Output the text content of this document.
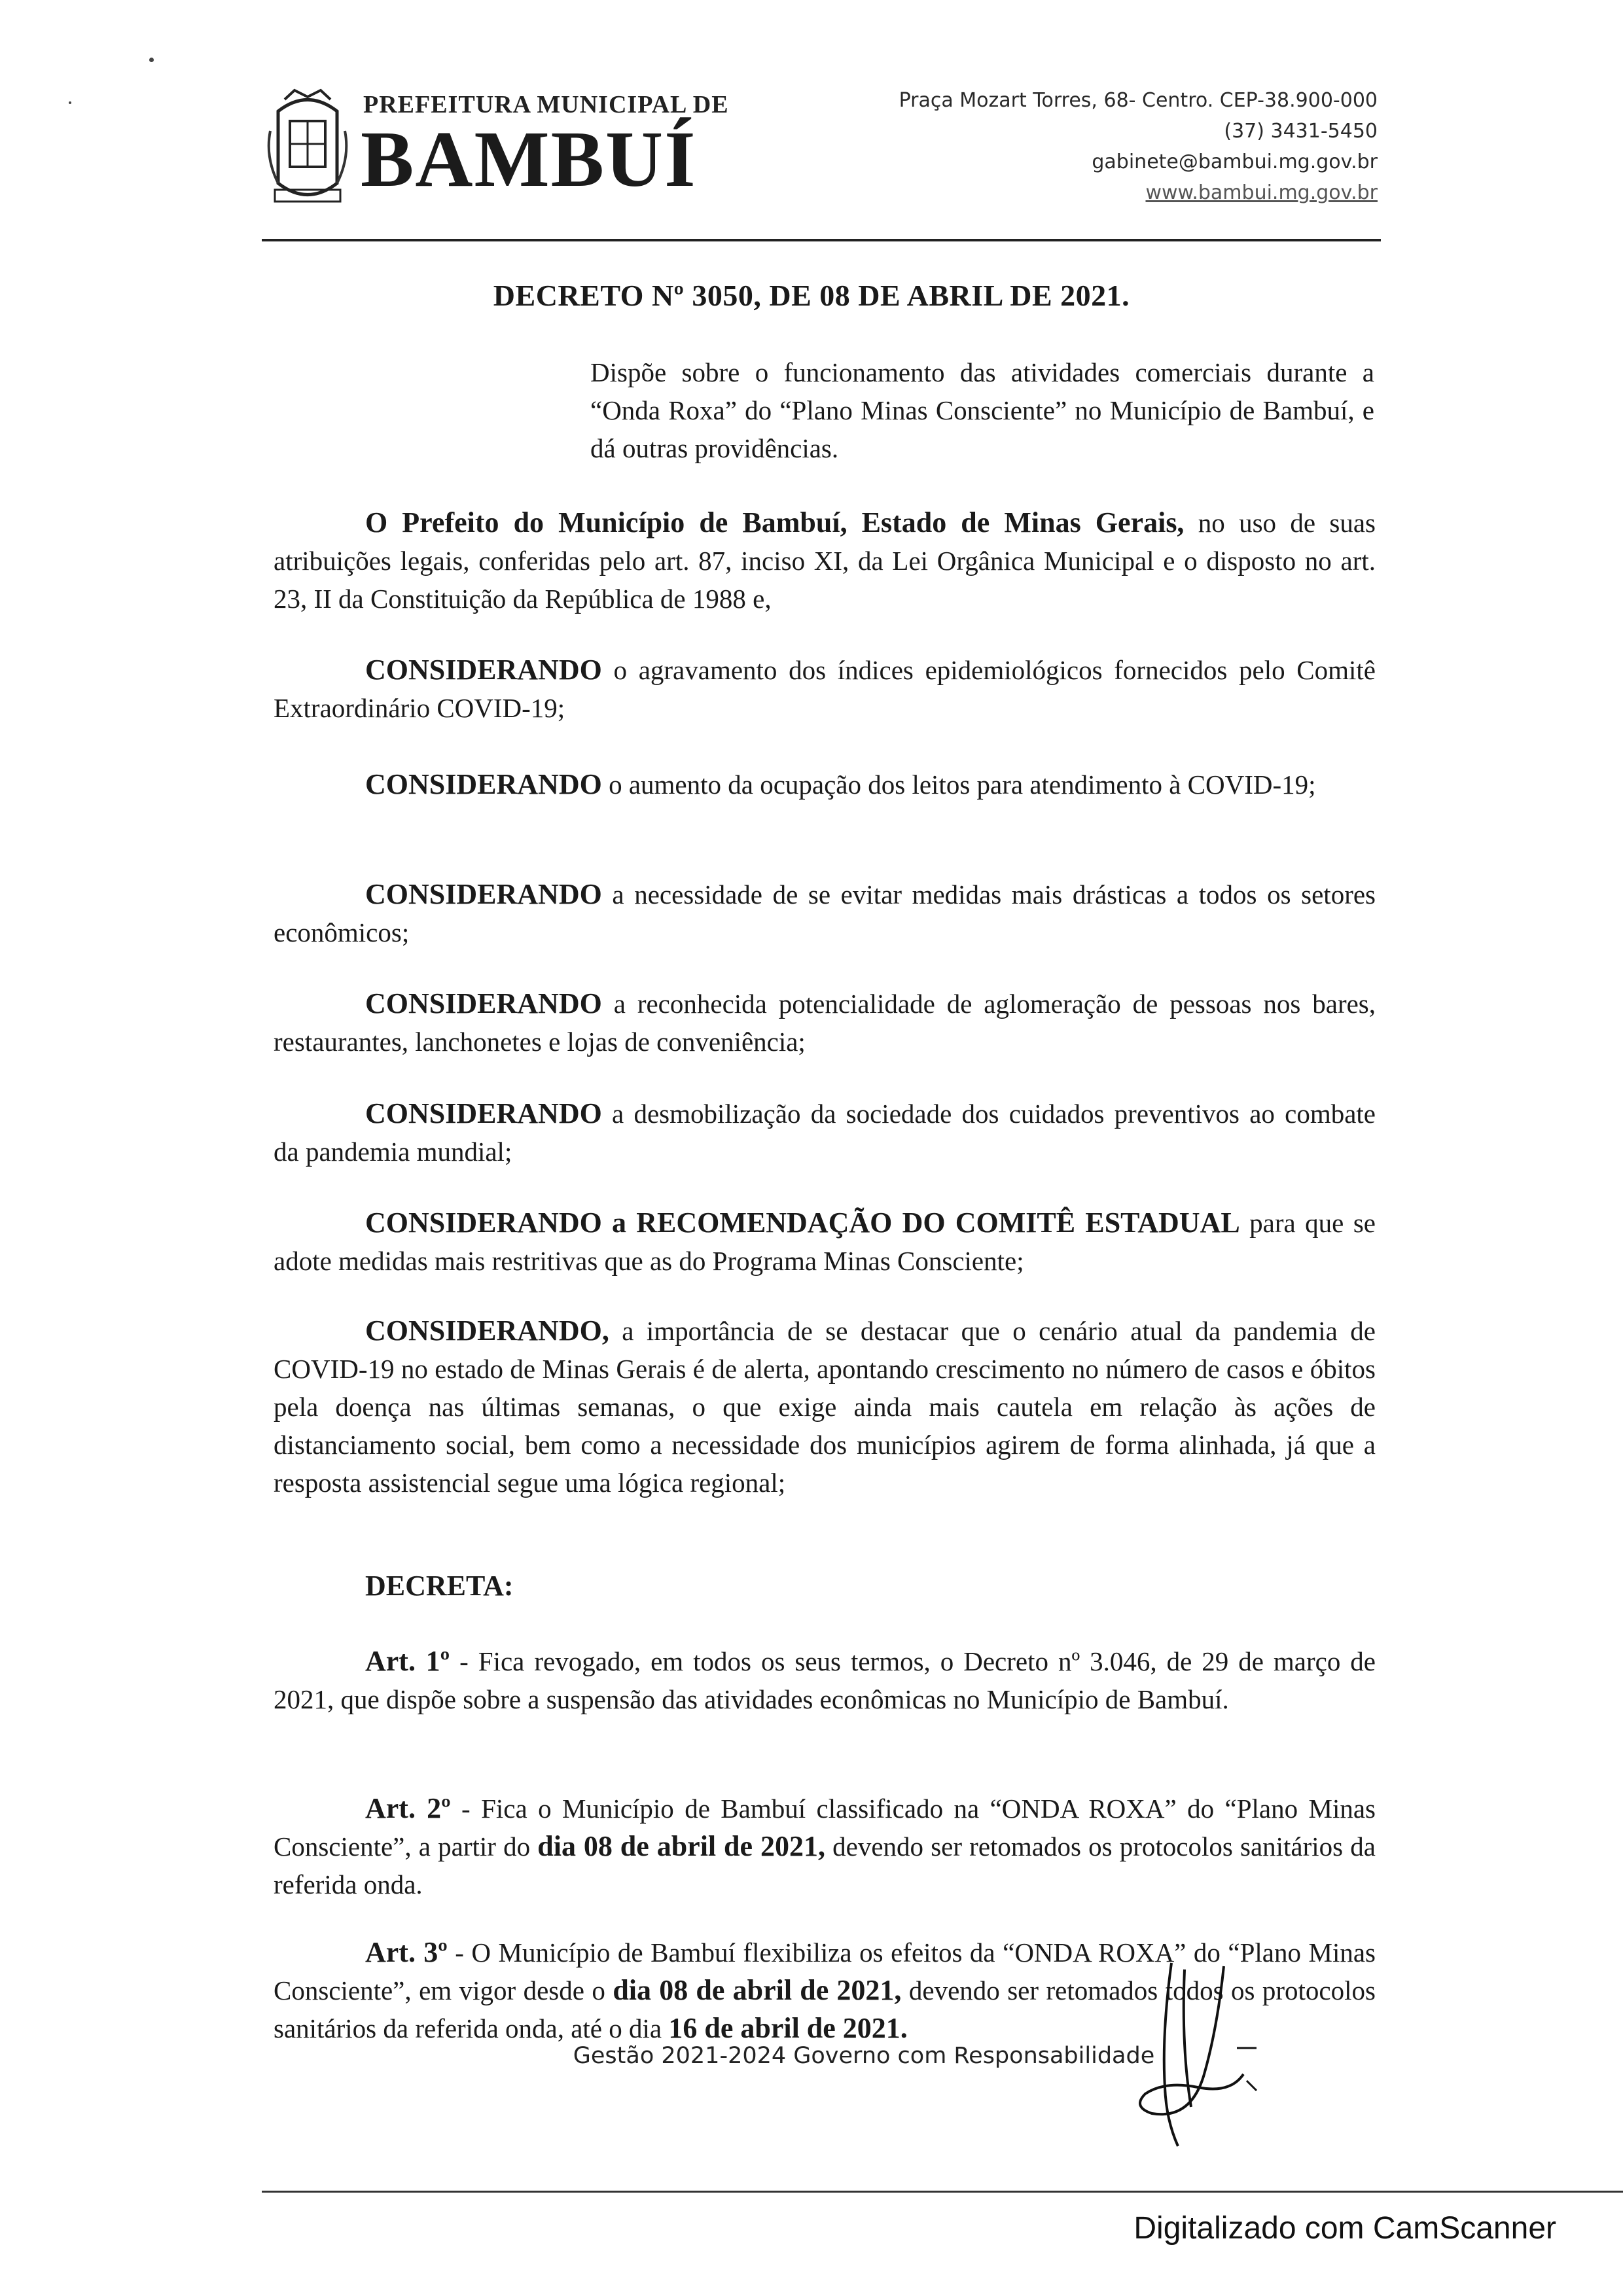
PREFEITURA MUNICIPAL DE
BAMBUÍ
Praça Mozart Torres, 68- Centro. CEP-38.900-000
(37) 3431-5450
gabinete@bambui.mg.gov.br
www.bambui.mg.gov.br
DECRETO Nº 3050, DE 08 DE ABRIL DE 2021.
Dispõe sobre o funcionamento das atividades comerciais durante a “Onda Roxa” do “Plano Minas Consciente” no Município de Bambuí, e dá outras providências.

O Prefeito do Município de Bambuí, Estado de Minas Gerais, no uso de suas atribuições legais, conferidas pelo art. 87, inciso XI, da Lei Orgânica Municipal e o disposto no art. 23, II da Constituição da República de 1988 e,

CONSIDERANDO o agravamento dos índices epidemiológicos fornecidos pelo Comitê Extraordinário COVID-19;

CONSIDERANDO o aumento da ocupação dos leitos para atendimento à COVID-19;

CONSIDERANDO a necessidade de se evitar medidas mais drásticas a todos os setores econômicos;

CONSIDERANDO a reconhecida potencialidade de aglomeração de pessoas nos bares, restaurantes, lanchonetes e lojas de conveniência;

CONSIDERANDO a desmobilização da sociedade dos cuidados preventivos ao combate da pandemia mundial;

CONSIDERANDO a RECOMENDAÇÃO DO COMITÊ ESTADUAL para que se adote medidas mais restritivas que as do Programa Minas Consciente;

CONSIDERANDO, a importância de se destacar que o cenário atual da pandemia de COVID-19 no estado de Minas Gerais é de alerta, apontando crescimento no número de casos e óbitos pela doença nas últimas semanas, o que exige ainda mais cautela em relação às ações de distanciamento social, bem como a necessidade dos municípios agirem de forma alinhada, já que a resposta assistencial segue uma lógica regional;

DECRETA:

Art. 1º - Fica revogado, em todos os seus termos, o Decreto nº 3.046, de 29 de março de 2021, que dispõe sobre a suspensão das atividades econômicas no Município de Bambuí.

Art. 2º - Fica o Município de Bambuí classificado na “ONDA ROXA” do “Plano Minas Consciente”, a partir do dia 08 de abril de 2021, devendo ser retomados os protocolos sanitários da referida onda.

Art. 3º - O Município de Bambuí flexibiliza os efeitos da “ONDA ROXA” do “Plano Minas Consciente”, em vigor desde o dia 08 de abril de 2021, devendo ser retomados todos os protocolos sanitários da referida onda, até o dia 16 de abril de 2021.

Gestão 2021-2024 Governo com Responsabilidade
Digitalizado com CamScanner
